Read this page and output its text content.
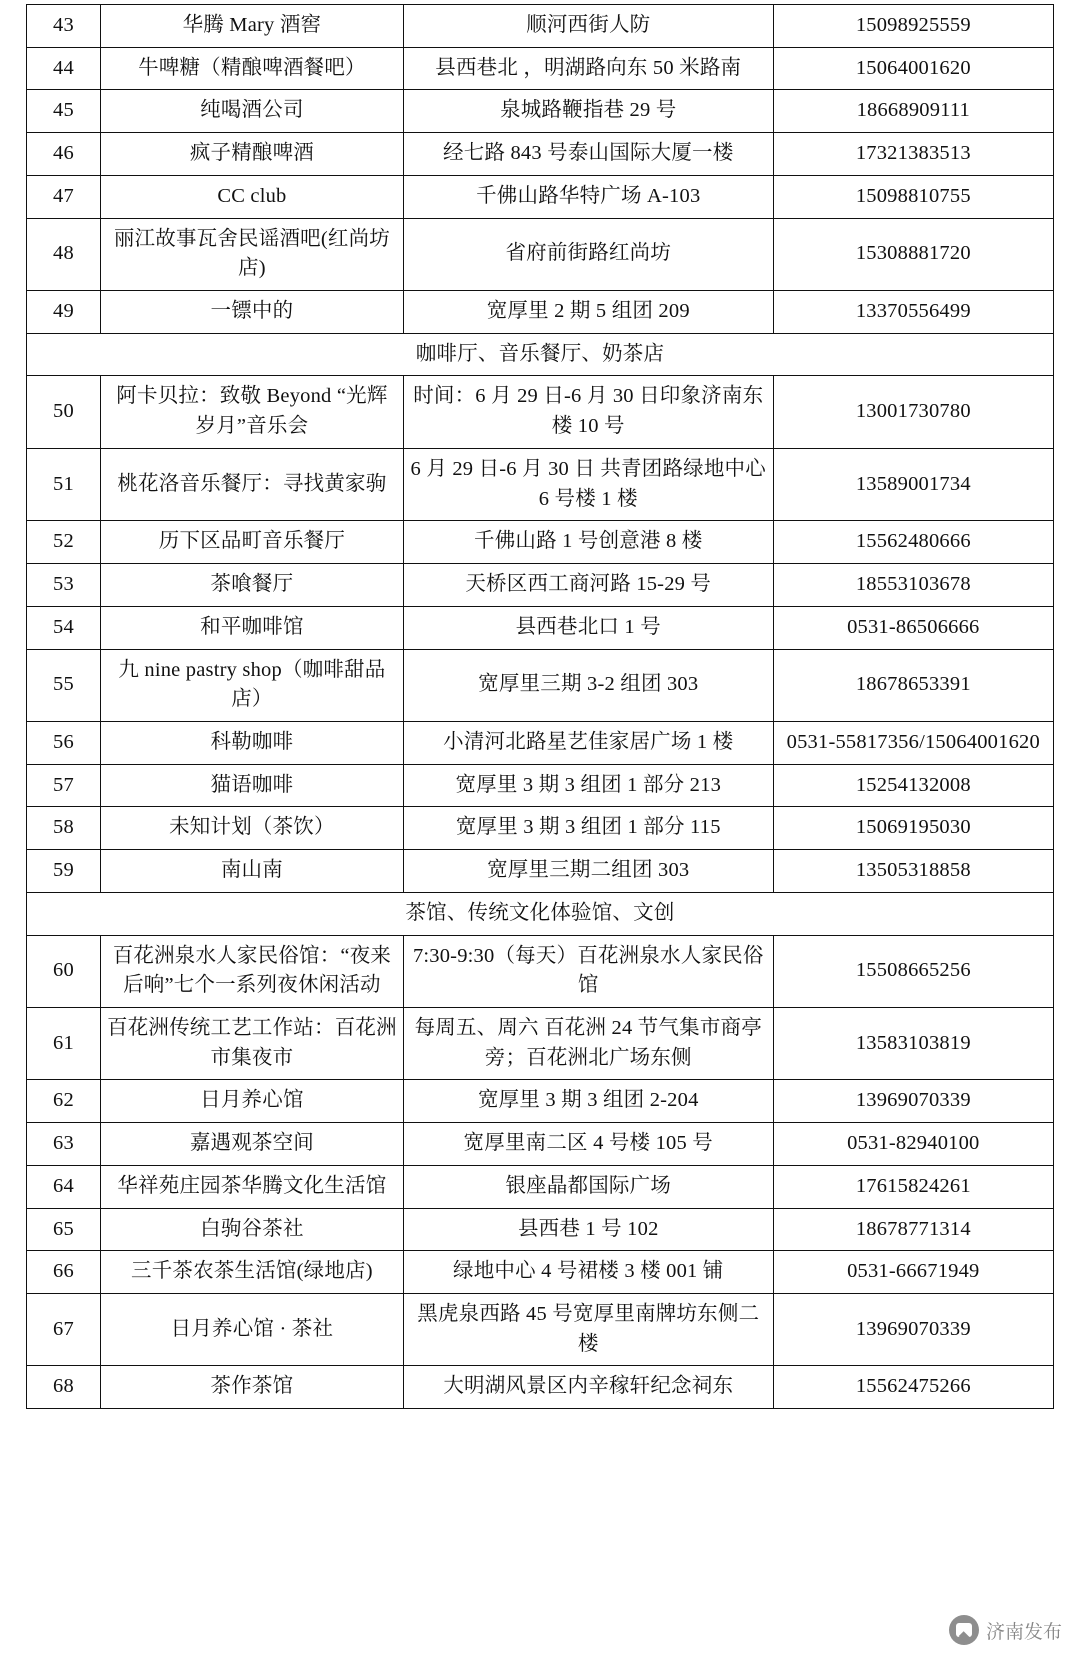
43	华腾 Mary 酒窖	顺河西街人防	15098925559
44	牛啤糖（精酿啤酒餐吧）	县西巷北 ，明湖路向东 50 米路南	15064001620
45	纯喝酒公司	泉城路鞭指巷 29 号	18668909111
46	疯子精酿啤酒	经七路 843 号泰山国际大厦一楼	17321383513
47	CC club	千佛山路华特广场 A-103	15098810755
48	丽江故事瓦舍民谣酒吧(红尚坊店)	省府前街路红尚坊	15308881720
49	一镖中的	宽厚里 2 期 5 组团 209	13370556499
咖啡厅、音乐餐厅、奶茶店			
50	阿卡贝拉：致敬 Beyond “光辉岁月”音乐会	时间：6 月 29 日-6 月 30 日印象济南东楼 10 号	13001730780
51	桃花洛音乐餐厅：寻找黄家驹	6 月 29 日-6 月 30 日 共青团路绿地中心 6 号楼 1 楼	13589001734
52	历下区品町音乐餐厅	千佛山路 1 号创意港 8 楼	15562480666
53	茶喰餐厅	天桥区西工商河路 15-29 号	18553103678
54	和平咖啡馆	县西巷北口 1 号	0531-86506666
55	九 nine pastry shop（咖啡甜品店）	宽厚里三期 3-2 组团 303	18678653391
56	科勒咖啡	小清河北路星艺佳家居广场 1 楼	0531-55817356/15064001620
57	猫语咖啡	宽厚里 3 期 3 组团 1 部分 213	15254132008
58	未知计划（茶饮）	宽厚里 3 期 3 组团 1 部分 115	15069195030
59	南山南	宽厚里三期二组团 303	13505318858
茶馆、传统文化体验馆、文创			
60	百花洲泉水人家民俗馆：“夜来后响”七个一系列夜休闲活动	7:30-9:30（每天）百花洲泉水人家民俗馆	15508665256
61	百花洲传统工艺工作站：百花洲市集夜市	每周五、周六 百花洲 24 节气集市商亭旁；百花洲北广场东侧	13583103819
62	日月养心馆	宽厚里 3 期 3 组团 2-204	13969070339
63	嘉遇观茶空间	宽厚里南二区 4 号楼 105 号	0531-82940100
64	华祥苑庄园茶华腾文化生活馆	银座晶都国际广场	17615824261
65	白驹谷茶社	县西巷 1 号 102	18678771314
66	三千茶农茶生活馆(绿地店)	绿地中心 4 号裙楼 3 楼 001 铺	0531-66671949
67	日月养心馆 · 茶社	黑虎泉西路 45 号宽厚里南牌坊东侧二楼	13969070339
68	茶作茶馆	大明湖风景区内辛稼轩纪念祠东	15562475266
济南发布
